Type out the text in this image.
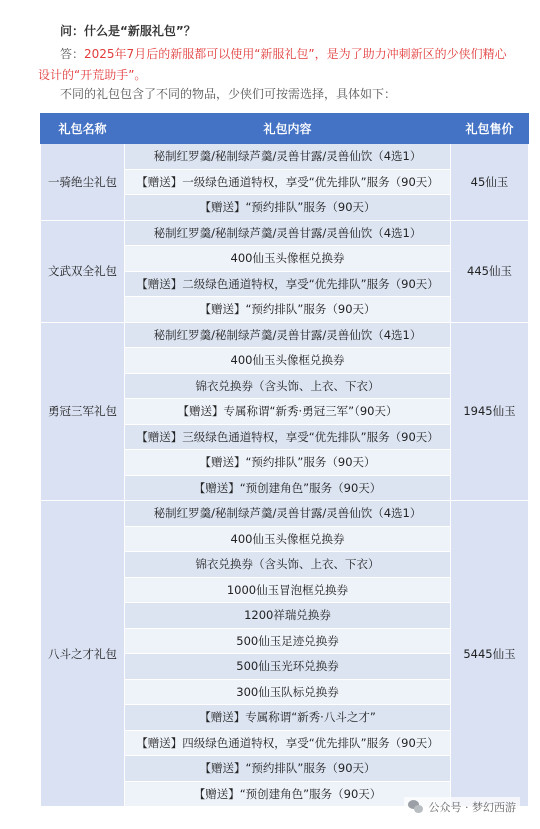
问：什么是“新服礼包”？
答：2025年7月后的新服都可以使用“新服礼包”，是为了助力冲刺新区的少侠们精心设计的“开荒助手”。
不同的礼包包含了不同的物品，少侠们可按需选择，具体如下：
礼包名称	礼包内容	礼包售价
一骑绝尘礼包	秘制红罗羹/秘制绿芦羹/灵兽甘露/灵兽仙饮（4选1）	45仙玉
	【赠送】一级绿色通道特权，享受“优先排队”服务（90天）	
	【赠送】“预约排队”服务（90天）	
文武双全礼包	秘制红罗羹/秘制绿芦羹/灵兽甘露/灵兽仙饮（4选1）	445仙玉
	400仙玉头像框兑换券	
	【赠送】二级绿色通道特权，享受“优先排队”服务（90天）	
	【赠送】“预约排队”服务（90天）	
勇冠三军礼包	秘制红罗羹/秘制绿芦羹/灵兽甘露/灵兽仙饮（4选1）	1945仙玉
	400仙玉头像框兑换券	
	锦衣兑换券（含头饰、上衣、下衣）	
	【赠送】专属称谓“新秀·勇冠三军”（90天）	
	【赠送】三级绿色通道特权，享受“优先排队”服务（90天）	
	【赠送】“预约排队”服务（90天）	
	【赠送】“预创建角色”服务（90天）	
八斗之才礼包	秘制红罗羹/秘制绿芦羹/灵兽甘露/灵兽仙饮（4选1）	5445仙玉
	400仙玉头像框兑换券	
	锦衣兑换券（含头饰、上衣、下衣）	
	1000仙玉冒泡框兑换券	
	1200祥瑞兑换券	
	500仙玉足迹兑换券	
	500仙玉光环兑换券	
	300仙玉队标兑换券	
	【赠送】专属称谓“新秀·八斗之才”	
	【赠送】四级绿色通道特权，享受“优先排队”服务（90天）	
	【赠送】“预约排队”服务（90天）	
	【赠送】“预创建角色”服务（90天）	
公众号 · 梦幻西游
